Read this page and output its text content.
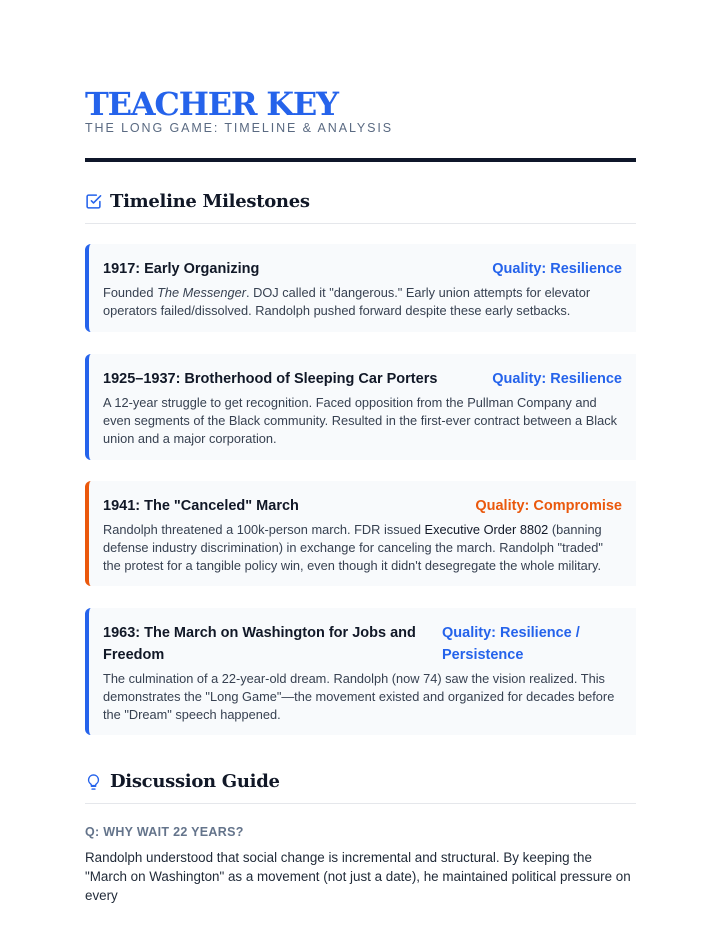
TEACHER KEY
THE LONG GAME: TIMELINE & ANALYSIS
Timeline Milestones
1917: Early Organizing	Quality: Resilience
Founded The Messenger. DOJ called it "dangerous." Early union attempts for elevator operators failed/dissolved. Randolph pushed forward despite these early setbacks.
1925–1937: Brotherhood of Sleeping Car Porters	Quality: Resilience
A 12-year struggle to get recognition. Faced opposition from the Pullman Company and even segments of the Black community. Resulted in the first-ever contract between a Black union and a major corporation.
1941: The "Canceled" March	Quality: Compromise
Randolph threatened a 100k-person march. FDR issued Executive Order 8802 (banning defense industry discrimination) in exchange for canceling the march. Randolph "traded" the protest for a tangible policy win, even though it didn't desegregate the whole military.
1963: The March on Washington for Jobs and Freedom
Quality: Resilience / Persistence
The culmination of a 22-year-old dream. Randolph (now 74) saw the vision realized. This demonstrates the "Long Game"—the movement existed and organized for decades before the "Dream" speech happened.
Discussion Guide
Q: WHY WAIT 22 YEARS?
Randolph understood that social change is incremental and structural. By keeping the "March on Washington" as a movement (not just a date), he maintained political pressure on every
